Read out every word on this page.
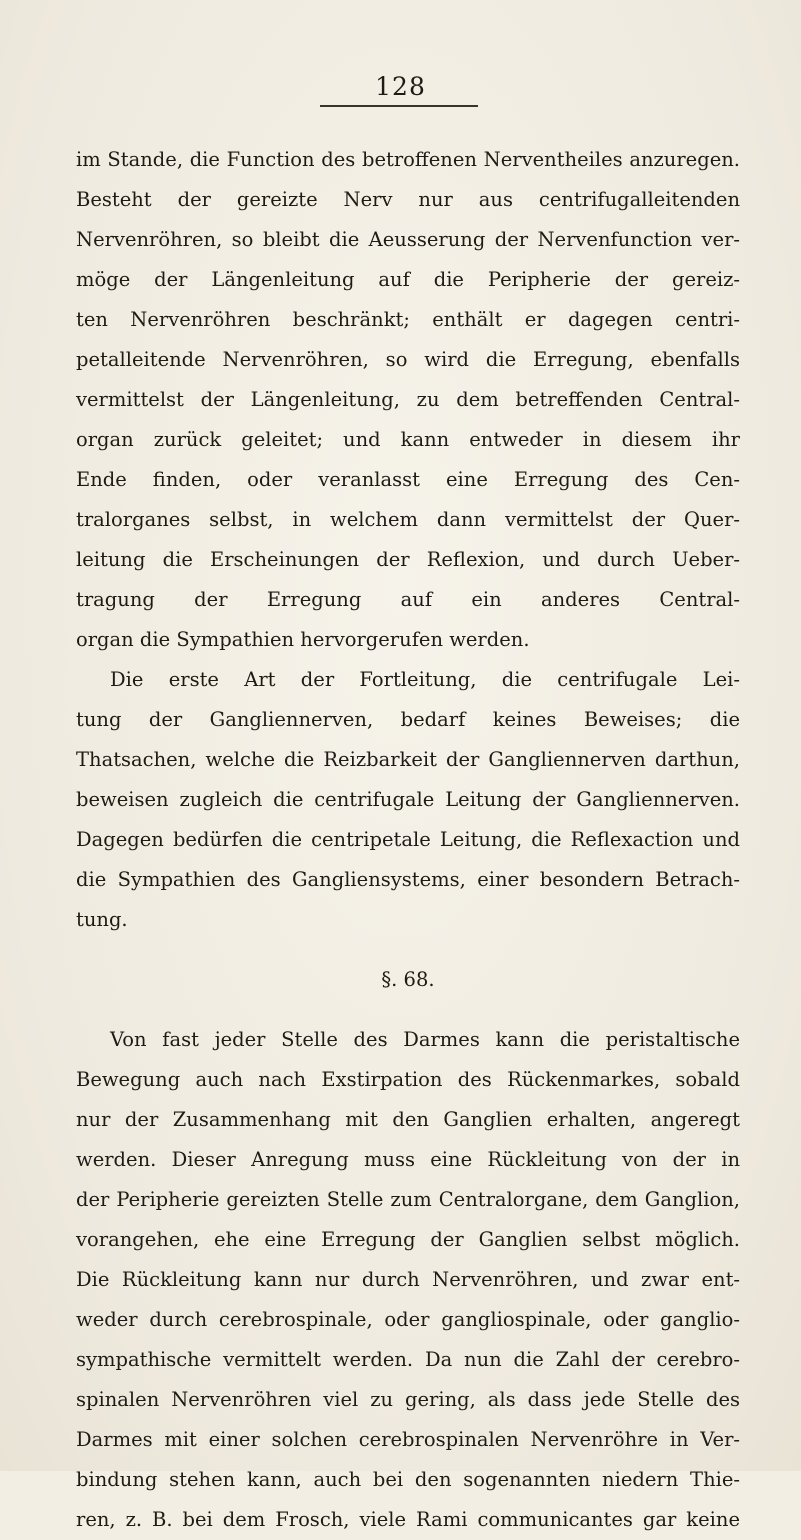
128
im Stande, die Function des betroffenen Nerventheiles anzuregen.
Besteht der gereizte Nerv nur aus centrifugalleitenden
Nervenröhren, so bleibt die Aeusserung der Nervenfunction ver-
möge der Längenleitung auf die Peripherie der gereiz-
ten Nervenröhren beschränkt; enthält er dagegen centri-
petalleitende Nervenröhren, so wird die Erregung, ebenfalls
vermittelst der Längenleitung, zu dem betreffenden Central-
organ zurück geleitet; und kann entweder in diesem ihr
Ende finden, oder veranlasst eine Erregung des Cen-
tralorganes selbst, in welchem dann vermittelst der Quer-
leitung die Erscheinungen der Reflexion, und durch Ueber-
tragung der Erregung auf ein anderes Central-
organ die Sympathien hervorgerufen werden.
Die erste Art der Fortleitung, die centrifugale Lei-
tung der Gangliennerven, bedarf keines Beweises; die
Thatsachen, welche die Reizbarkeit der Gangliennerven darthun,
beweisen zugleich die centrifugale Leitung der Gangliennerven.
Dagegen bedürfen die centripetale Leitung, die Reflexaction und
die Sympathien des Gangliensystems, einer besondern Betrach-
tung.
§. 68.
Von fast jeder Stelle des Darmes kann die peristaltische
Bewegung auch nach Exstirpation des Rückenmarkes, sobald
nur der Zusammenhang mit den Ganglien erhalten, angeregt
werden. Dieser Anregung muss eine Rückleitung von der in
der Peripherie gereizten Stelle zum Centralorgane, dem Ganglion,
vorangehen, ehe eine Erregung der Ganglien selbst möglich.
Die Rückleitung kann nur durch Nervenröhren, und zwar ent-
weder durch cerebrospinale, oder gangliospinale, oder ganglio-
sympathische vermittelt werden. Da nun die Zahl der cerebro-
spinalen Nervenröhren viel zu gering, als dass jede Stelle des
Darmes mit einer solchen cerebrospinalen Nervenröhre in Ver-
bindung stehen kann, auch bei den sogenannten niedern Thie-
ren, z. B. bei dem Frosch, viele Rami communicantes gar keine
